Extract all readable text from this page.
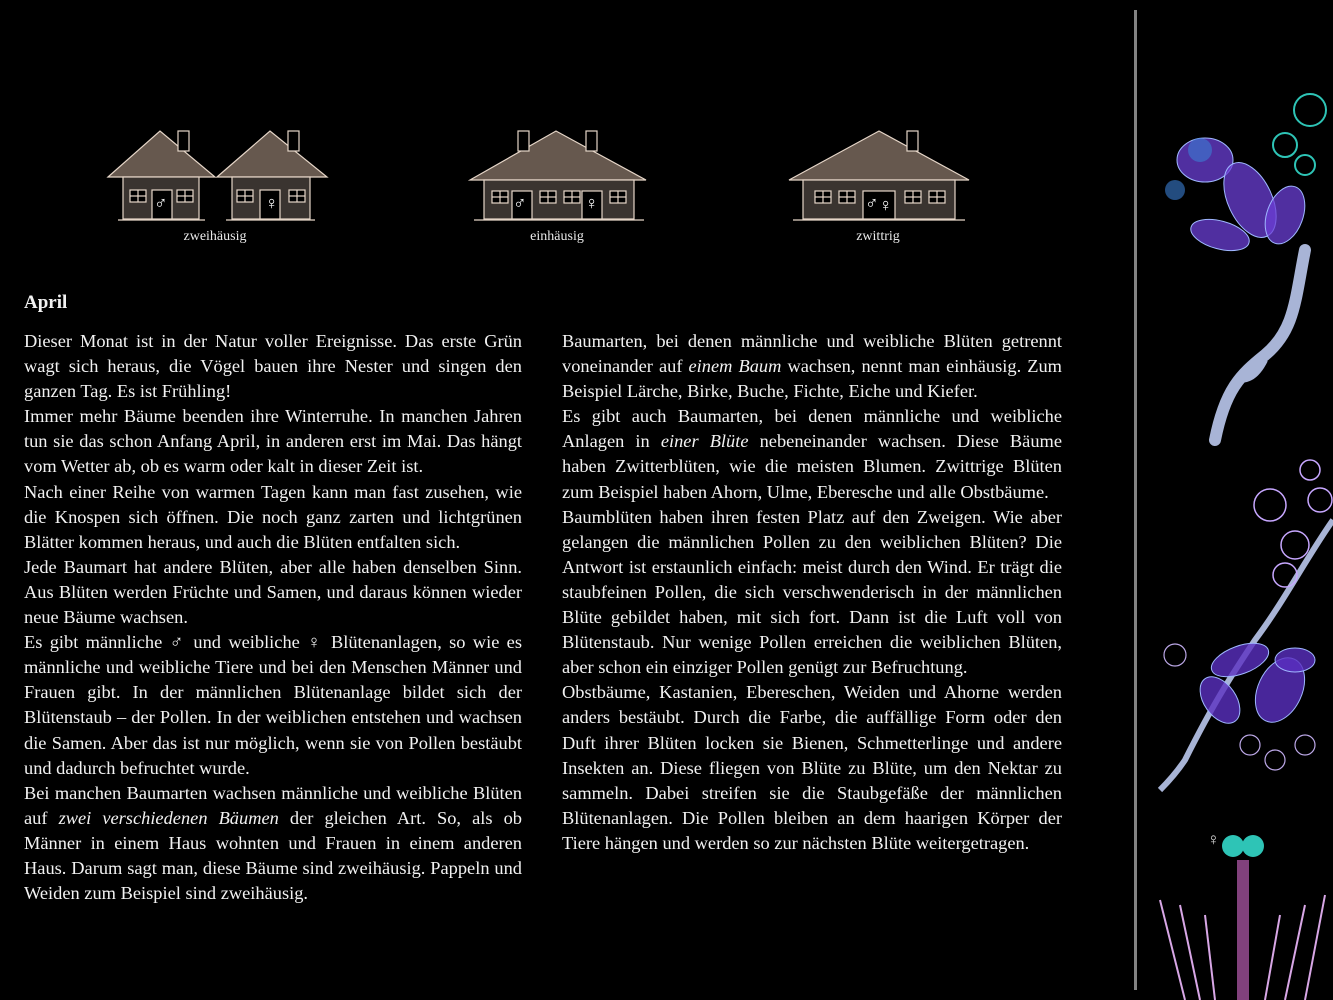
♂	♀
zweihäusig
♂	♀
einhäusig
♂ ♀
zwittrig
April

Dieser Monat ist in der Natur voller Ereignisse. Das erste Grün wagt sich heraus, die Vögel bauen ihre Nester und singen den ganzen Tag. Es ist Frühling!

Immer mehr Bäume beenden ihre Winterruhe. In manchen Jahren tun sie das schon Anfang April, in anderen erst im Mai. Das hängt vom Wetter ab, ob es warm oder kalt in dieser Zeit ist.

Nach einer Reihe von warmen Tagen kann man fast zusehen, wie die Knospen sich öffnen. Die noch ganz zarten und lichtgrünen Blätter kommen heraus, und auch die Blüten entfalten sich.

Jede Baumart hat andere Blüten, aber alle haben denselben Sinn. Aus Blüten werden Früchte und Samen, und daraus können wieder neue Bäume wachsen.

Es gibt männliche ♂ und weibliche ♀ Blütenanlagen, so wie es männliche und weibliche Tiere und bei den Menschen Männer und Frauen gibt. In der männlichen Blütenanlage bildet sich der Blütenstaub – der Pollen. In der weiblichen entstehen und wachsen die Samen. Aber das ist nur möglich, wenn sie von Pollen bestäubt und dadurch befruchtet wurde.

Bei manchen Baumarten wachsen männliche und weibliche Blüten auf zwei verschiedenen Bäumen der gleichen Art. So, als ob Männer in einem Haus wohnten und Frauen in einem anderen Haus. Darum sagt man, diese Bäume sind zweihäusig. Pappeln und Weiden zum Beispiel sind zweihäusig.

Baumarten, bei denen männliche und weibliche Blüten getrennt voneinander auf einem Baum wachsen, nennt man einhäusig. Zum Beispiel Lärche, Birke, Buche, Fichte, Eiche und Kiefer.

Es gibt auch Baumarten, bei denen männliche und weibliche Anlagen in einer Blüte nebeneinander wachsen. Diese Bäume haben Zwitterblüten, wie die meisten Blumen. Zwittrige Blüten zum Beispiel haben Ahorn, Ulme, Eberesche und alle Obstbäume.

Baumblüten haben ihren festen Platz auf den Zweigen. Wie aber gelangen die männlichen Pollen zu den weiblichen Blüten? Die Antwort ist erstaunlich einfach: meist durch den Wind. Er trägt die staubfeinen Pollen, die sich verschwenderisch in der männlichen Blüte gebildet haben, mit sich fort. Dann ist die Luft voll von Blütenstaub. Nur wenige Pollen erreichen die weiblichen Blüten, aber schon ein einziger Pollen genügt zur Befruchtung.

Obstbäume, Kastanien, Ebereschen, Weiden und Ahorne werden anders bestäubt. Durch die Farbe, die auffällige Form oder den Duft ihrer Blüten locken sie Bienen, Schmetterlinge und andere Insekten an. Diese fliegen von Blüte zu Blüte, um den Nektar zu sammeln. Dabei streifen sie die Staubgefäße der männlichen Blütenanlagen. Die Pollen bleiben an dem haarigen Körper der Tiere hängen und werden so zur nächsten Blüte weitergetragen.	♀
